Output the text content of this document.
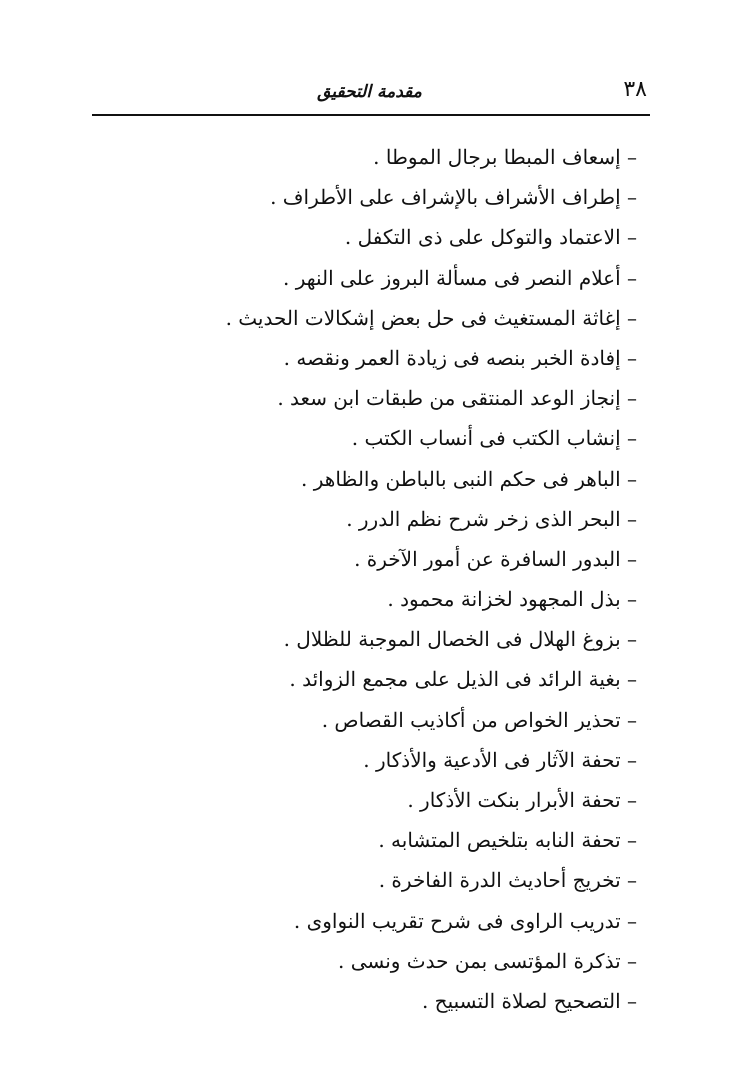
٣٨
مقدمة التحقيق
– إسعاف المبطا برجال الموطا .
– إطراف الأشراف بالإشراف على الأطراف .
– الاعتماد والتوكل على ذى التكفل .
– أعلام النصر فى مسألة البروز على النهر .
– إغاثة المستغيث فى حل بعض إشكالات الحديث .
– إفادة الخبر بنصه فى زيادة العمر ونقصه .
– إنجاز الوعد المنتقى من طبقات ابن سعد .
– إنشاب الكتب فى أنساب الكتب .
– الباهر فى حكم النبى بالباطن والظاهر .
– البحر الذى زخر شرح نظم الدرر .
– البدور السافرة عن أمور الآخرة .
– بذل المجهود لخزانة محمود .
– بزوغ الهلال فى الخصال الموجبة للظلال .
– بغية الرائد فى الذيل على مجمع الزوائد .
– تحذير الخواص من أكاذيب القصاص .
– تحفة الآثار فى الأدعية والأذكار .
– تحفة الأبرار بنكت الأذكار .
– تحفة النابه بتلخيص المتشابه .
– تخريج أحاديث الدرة الفاخرة .
– تدريب الراوى فى شرح تقريب النواوى .
– تذكرة المؤتسى بمن حدث ونسى .
– التصحيح لصلاة التسبيح .
